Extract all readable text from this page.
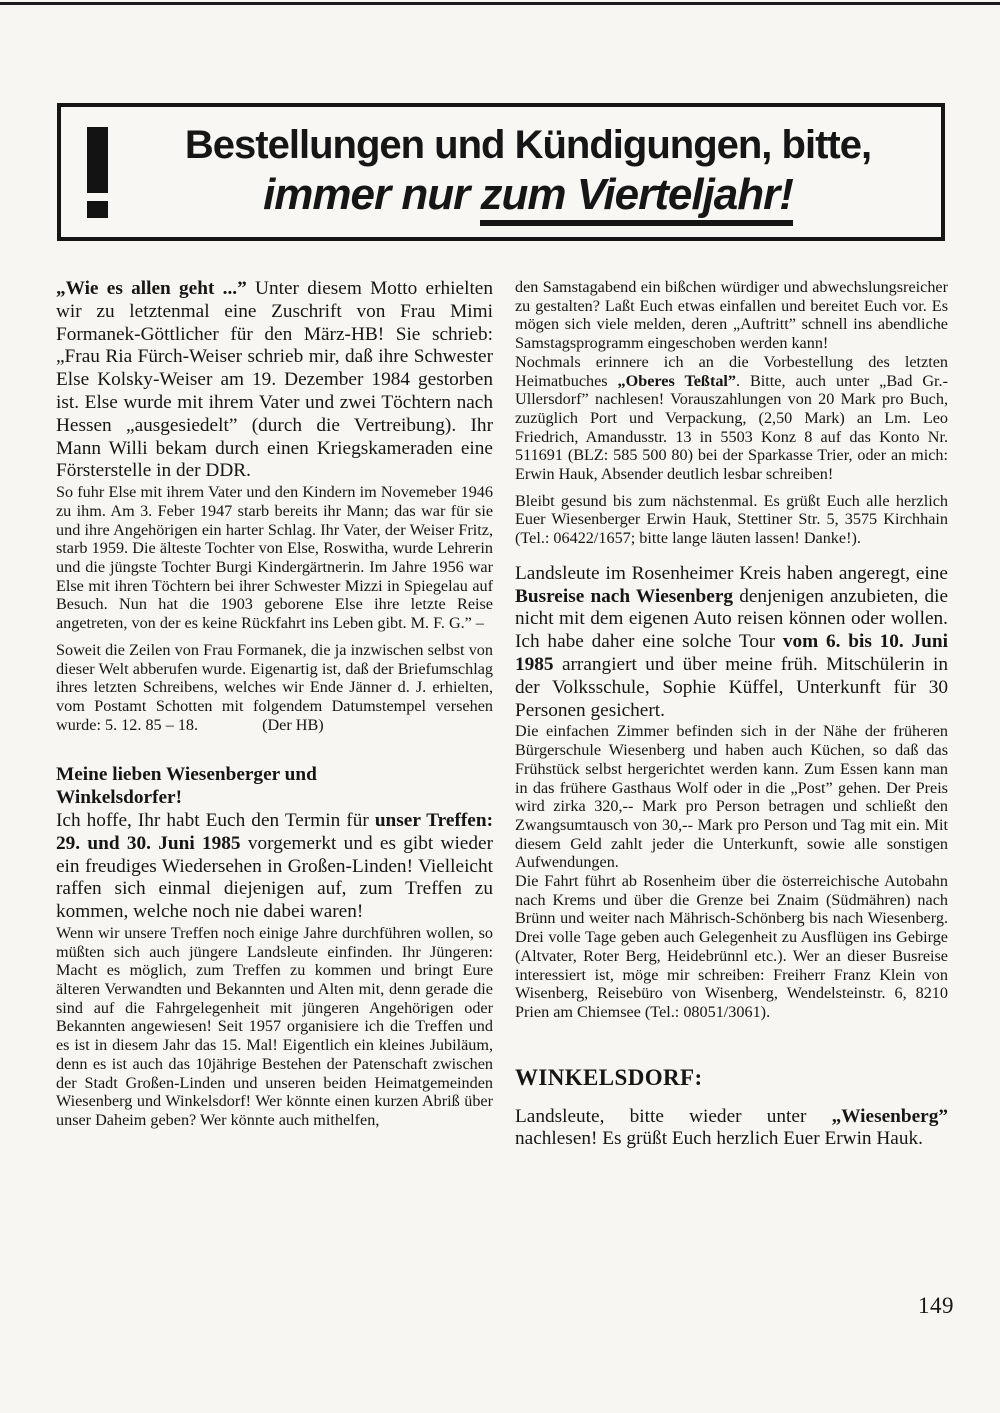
Bestellungen und Kündigungen, bitte,
immer nur zum Vierteljahr!

„Wie es allen geht ...” Unter diesem Motto erhielten wir zu letztenmal eine Zuschrift von Frau Mimi Formanek-Göttlicher für den März-HB! Sie schrieb: „Frau Ria Fürch-Weiser schrieb mir, daß ihre Schwester Else Kolsky-Weiser am 19. Dezember 1984 gestorben ist. Else wurde mit ihrem Vater und zwei Töchtern nach Hessen „ausgesiedelt” (durch die Vertreibung). Ihr Mann Willi bekam durch einen Kriegskameraden eine Försterstelle in der DDR.

So fuhr Else mit ihrem Vater und den Kindern im Novemeber 1946 zu ihm. Am 3. Feber 1947 starb bereits ihr Mann; das war für sie und ihre Angehörigen ein harter Schlag. Ihr Vater, der Weiser Fritz, starb 1959. Die älteste Tochter von Else, Roswitha, wurde Lehrerin und die jüngste Tochter Burgi Kindergärtnerin. Im Jahre 1956 war Else mit ihren Töchtern bei ihrer Schwester Mizzi in Spiegelau auf Besuch. Nun hat die 1903 geborene Else ihre letzte Reise angetreten, von der es keine Rückfahrt ins Leben gibt. M. F. G.” –

Soweit die Zeilen von Frau Formanek, die ja inzwischen selbst von dieser Welt abberufen wurde. Eigenartig ist, daß der Briefumschlag ihres letzten Schreibens, welches wir Ende Jänner d. J. erhielten, vom Postamt Schotten mit folgendem Datumstempel versehen wurde: 5. 12. 85 – 18.	(Der HB)

Meine lieben Wiesenberger und
Winkelsdorfer!

Ich hoffe, Ihr habt Euch den Termin für unser Treffen: 29. und 30. Juni 1985 vorgemerkt und es gibt wieder ein freudiges Wiedersehen in Großen-Linden! Vielleicht raffen sich einmal diejenigen auf, zum Treffen zu kommen, welche noch nie dabei waren!

Wenn wir unsere Treffen noch einige Jahre durchführen wollen, so müßten sich auch jüngere Landsleute einfinden. Ihr Jüngeren: Macht es möglich, zum Treffen zu kommen und bringt Eure älteren Verwandten und Bekannten und Alten mit, denn gerade die sind auf die Fahrgelegenheit mit jüngeren Angehörigen oder Bekannten angewiesen! Seit 1957 organisiere ich die Treffen und es ist in diesem Jahr das 15. Mal! Eigentlich ein kleines Jubiläum, denn es ist auch das 10jährige Bestehen der Patenschaft zwischen der Stadt Großen-Linden und unseren beiden Heimatgemeinden Wiesenberg und Winkelsdorf! Wer könnte einen kurzen Abriß über unser Daheim geben? Wer könnte auch mithelfen,

den Samstagabend ein bißchen würdiger und abwechslungsreicher zu gestalten? Laßt Euch etwas einfallen und bereitet Euch vor. Es mögen sich viele melden, deren „Auftritt” schnell ins abendliche Samstagsprogramm eingeschoben werden kann!

Nochmals erinnere ich an die Vorbestellung des letzten Heimatbuches „Oberes Teßtal”. Bitte, auch unter „Bad Gr.-Ullersdorf” nachlesen! Vorauszahlungen von 20 Mark pro Buch, zuzüglich Port und Verpackung, (2,50 Mark) an Lm. Leo Friedrich, Amandusstr. 13 in 5503 Konz 8 auf das Konto Nr. 511691 (BLZ: 585 500 80) bei der Sparkasse Trier, oder an mich: Erwin Hauk, Absender deutlich lesbar schreiben!

Bleibt gesund bis zum nächstenmal. Es grüßt Euch alle herzlich Euer Wiesenberger Erwin Hauk, Stettiner Str. 5, 3575 Kirchhain (Tel.: 06422/1657; bitte lange läuten lassen! Danke!).

Landsleute im Rosenheimer Kreis haben angeregt, eine Busreise nach Wiesenberg denjenigen anzubieten, die nicht mit dem eigenen Auto reisen können oder wollen. Ich habe daher eine solche Tour vom 6. bis 10. Juni 1985 arrangiert und über meine früh. Mitschülerin in der Volksschule, Sophie Küffel, Unterkunft für 30 Personen gesichert.

Die einfachen Zimmer befinden sich in der Nähe der früheren Bürgerschule Wiesenberg und haben auch Küchen, so daß das Frühstück selbst hergerichtet werden kann. Zum Essen kann man in das frühere Gasthaus Wolf oder in die „Post” gehen. Der Preis wird zirka 320,-- Mark pro Person betragen und schließt den Zwangsumtausch von 30,-- Mark pro Person und Tag mit ein. Mit diesem Geld zahlt jeder die Unterkunft, sowie alle sonstigen Aufwendungen.

Die Fahrt führt ab Rosenheim über die österreichische Autobahn nach Krems und über die Grenze bei Znaim (Südmähren) nach Brünn und weiter nach Mährisch-Schönberg bis nach Wiesenberg. Drei volle Tage geben auch Gelegenheit zu Ausflügen ins Gebirge (Altvater, Roter Berg, Heidebrünnl etc.). Wer an dieser Busreise interessiert ist, möge mir schreiben: Freiherr Franz Klein von Wisenberg, Reisebüro von Wisenberg, Wendelsteinstr. 6, 8210 Prien am Chiemsee (Tel.: 08051/3061).

WINKELSDORF:

Landsleute, bitte wieder unter „Wiesenberg” nachlesen! Es grüßt Euch herzlich Euer Erwin Hauk.

149
